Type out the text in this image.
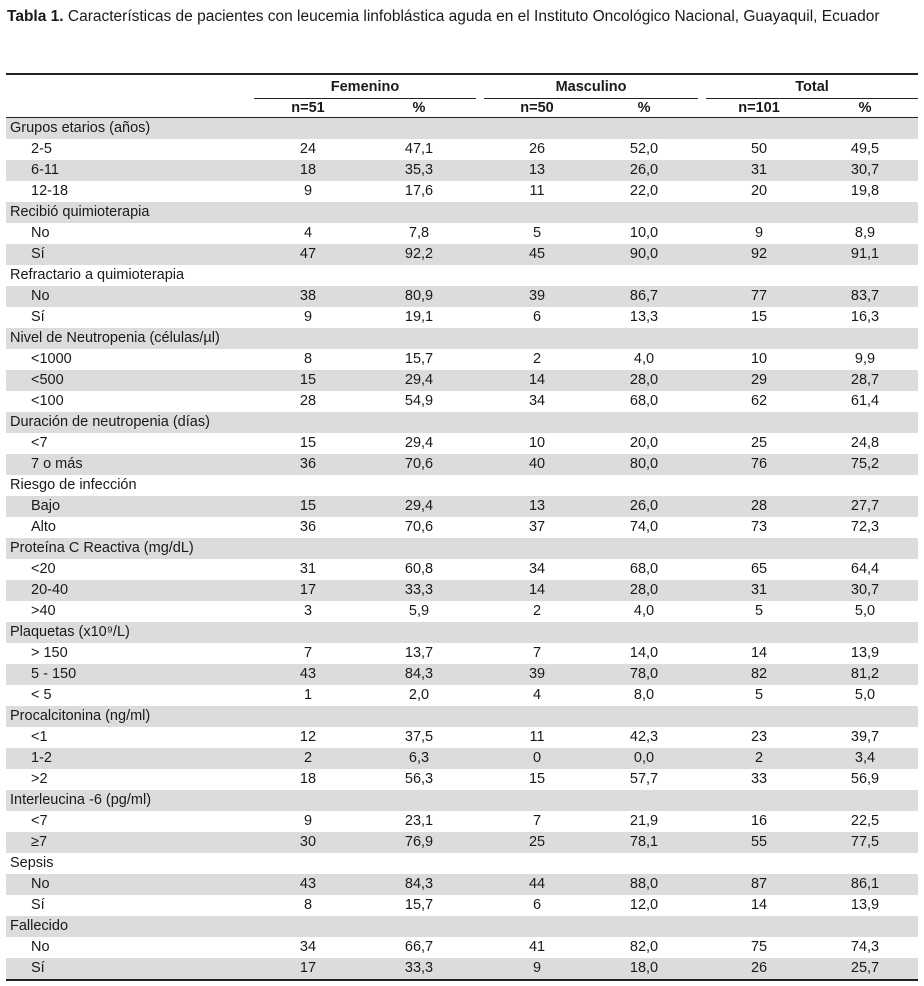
Tabla 1. Características de pacientes con leucemia linfoblástica aguda en el Instituto Oncológico Nacional, Guayaquil, Ecuador

	Femenino			Masculino			Total	

	n=51	%		n=50	%		n=101	%
Grupos etarios (años)								
2-5	24	47,1		26	52,0		50	49,5
6-11	18	35,3		13	26,0		31	30,7
12-18	9	17,6		11	22,0		20	19,8
Recibió quimioterapia								
No	4	7,8		5	10,0		9	8,9
Sí	47	92,2		45	90,0		92	91,1
Refractario a quimioterapia								
No	38	80,9		39	86,7		77	83,7
Sí	9	19,1		6	13,3		15	16,3
Nivel de Neutropenia (células/µl)								
<1000	8	15,7		2	4,0		10	9,9
<500	15	29,4		14	28,0		29	28,7
<100	28	54,9		34	68,0		62	61,4
Duración de neutropenia (días)								
<7	15	29,4		10	20,0		25	24,8
7 o más	36	70,6		40	80,0		76	75,2
Riesgo de infección								
Bajo	15	29,4		13	26,0		28	27,7
Alto	36	70,6		37	74,0		73	72,3
Proteína C Reactiva (mg/dL)								
<20	31	60,8		34	68,0		65	64,4
20-40	17	33,3		14	28,0		31	30,7
>40	3	5,9		2	4,0		5	5,0
Plaquetas (x10⁹/L)								
> 150	7	13,7		7	14,0		14	13,9
5 - 150	43	84,3		39	78,0		82	81,2
< 5	1	2,0		4	8,0		5	5,0
Procalcitonina (ng/ml)								
<1	12	37,5		11	42,3		23	39,7
1-2	2	6,3		0	0,0		2	3,4
>2	18	56,3		15	57,7		33	56,9
Interleucina -6 (pg/ml)								
<7	9	23,1		7	21,9		16	22,5
≥7	30	76,9		25	78,1		55	77,5
Sepsis								
No	43	84,3		44	88,0		87	86,1
Sí	8	15,7		6	12,0		14	13,9
Fallecido								
No	34	66,7		41	82,0		75	74,3
Sí	17	33,3		9	18,0		26	25,7
